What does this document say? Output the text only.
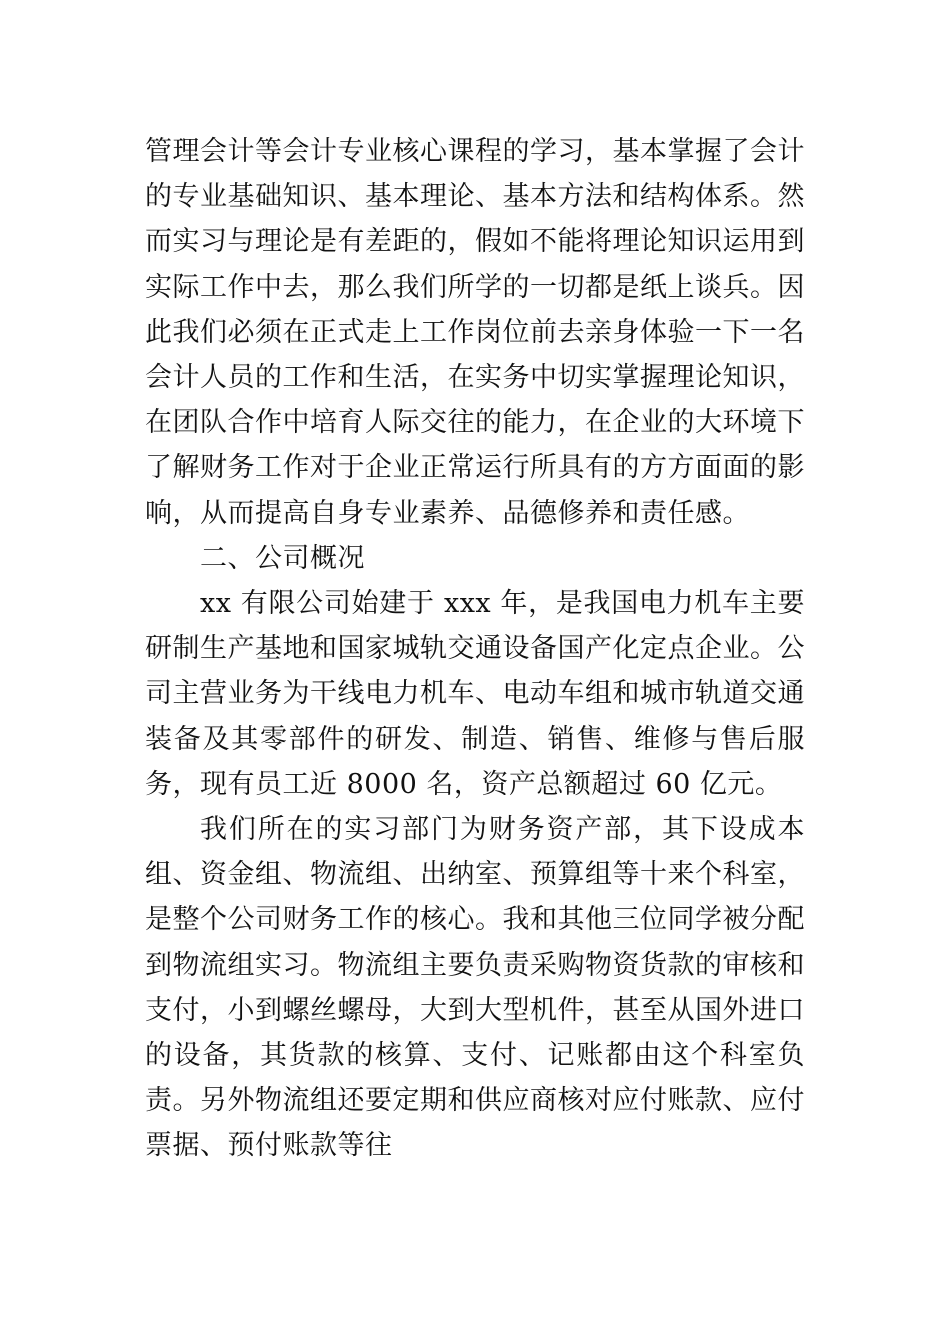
管理会计等会计专业核心课程的学习，基本掌握了会计的专业基础知识、基本理论、基本方法和结构体系。然而实习与理论是有差距的，假如不能将理论知识运用到实际工作中去，那么我们所学的一切都是纸上谈兵。因此我们必须在正式走上工作岗位前去亲身体验一下一名会计人员的工作和生活，在实务中切实掌握理论知识，在团队合作中培育人际交往的能力，在企业的大环境下了解财务工作对于企业正常运行所具有的方方面面的影响，从而提高自身专业素养、品德修养和责任感。

二、公司概况

xx 有限公司始建于 xxx 年，是我国电力机车主要研制生产基地和国家城轨交通设备国产化定点企业。公司主营业务为干线电力机车、电动车组和城市轨道交通装备及其零部件的研发、制造、销售、维修与售后服务，现有员工近 8000 名，资产总额超过 60 亿元。

我们所在的实习部门为财务资产部，其下设成本组、资金组、物流组、出纳室、预算组等十来个科室，是整个公司财务工作的核心。我和其他三位同学被分配到物流组实习。物流组主要负责采购物资货款的审核和支付，小到螺丝螺母，大到大型机件，甚至从国外进口的设备，其货款的核算、支付、记账都由这个科室负责。另外物流组还要定期和供应商核对应付账款、应付票据、预付账款等往
